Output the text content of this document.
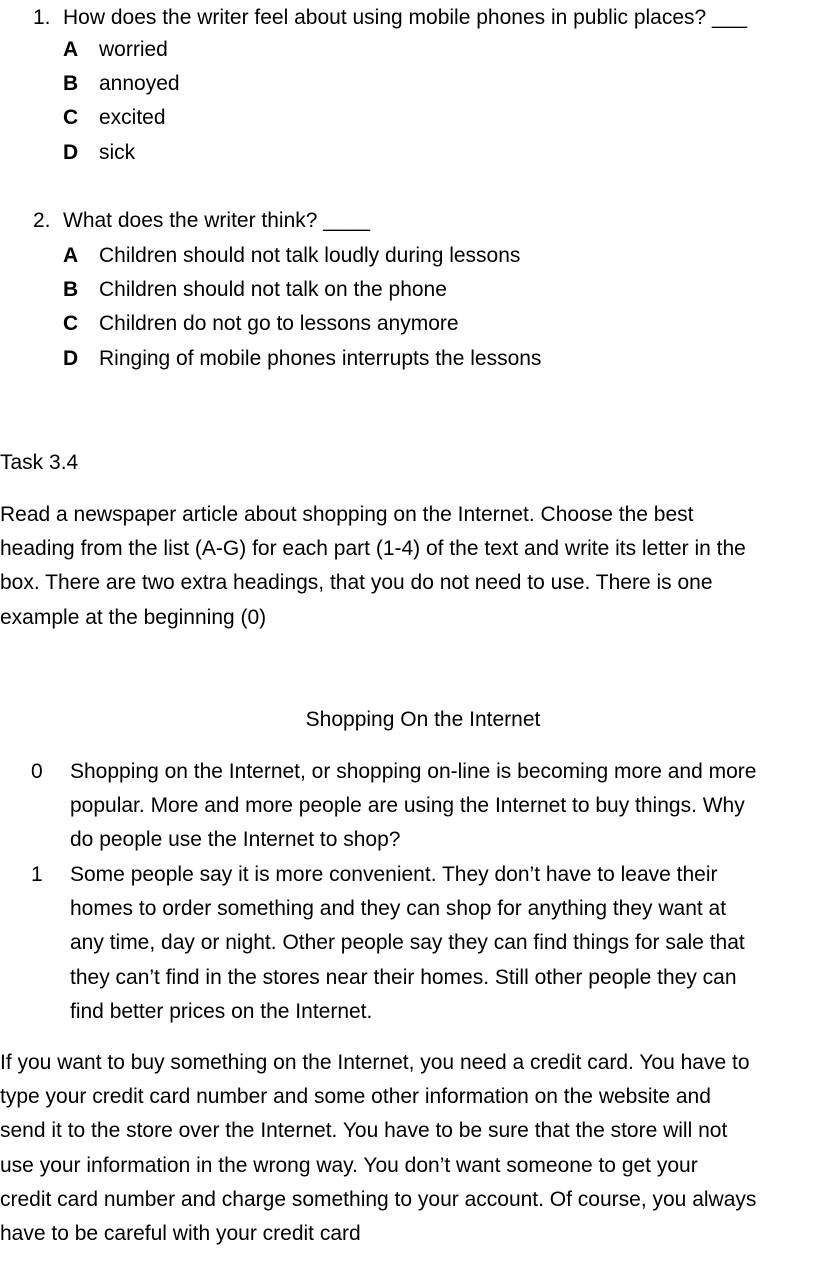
1. How does the writer feel about using mobile phones in public places? ___
A worried
B annoyed
C excited
D sick
2. What does the writer think? ____
A Children should not talk loudly during lessons
B Children should not talk on the phone
C Children do not go to lessons anymore
D Ringing of mobile phones interrupts the lessons
Task 3.4
Read a newspaper article about shopping on the Internet. Choose the best
heading from the list (A-G) for each part (1-4) of the text and write its letter in the
box. There are two extra headings, that you do not need to use. There is one
example at the beginning (0)
Shopping On the Internet
0	Shopping on the Internet, or shopping on-line is becoming more and more
popular. More and more people are using the Internet to buy things. Why
do people use the Internet to shop?
1	Some people say it is more convenient. They don’t have to leave their
homes to order something and they can shop for anything they want at
any time, day or night. Other people say they can find things for sale that
they can’t find in the stores near their homes. Still other people they can
find better prices on the Internet.
If you want to buy something on the Internet, you need a credit card. You have to
type your credit card number and some other information on the website and
send it to the store over the Internet. You have to be sure that the store will not
use your information in the wrong way. You don’t want someone to get your
credit card number and charge something to your account. Of course, you always
have to be careful with your credit card
